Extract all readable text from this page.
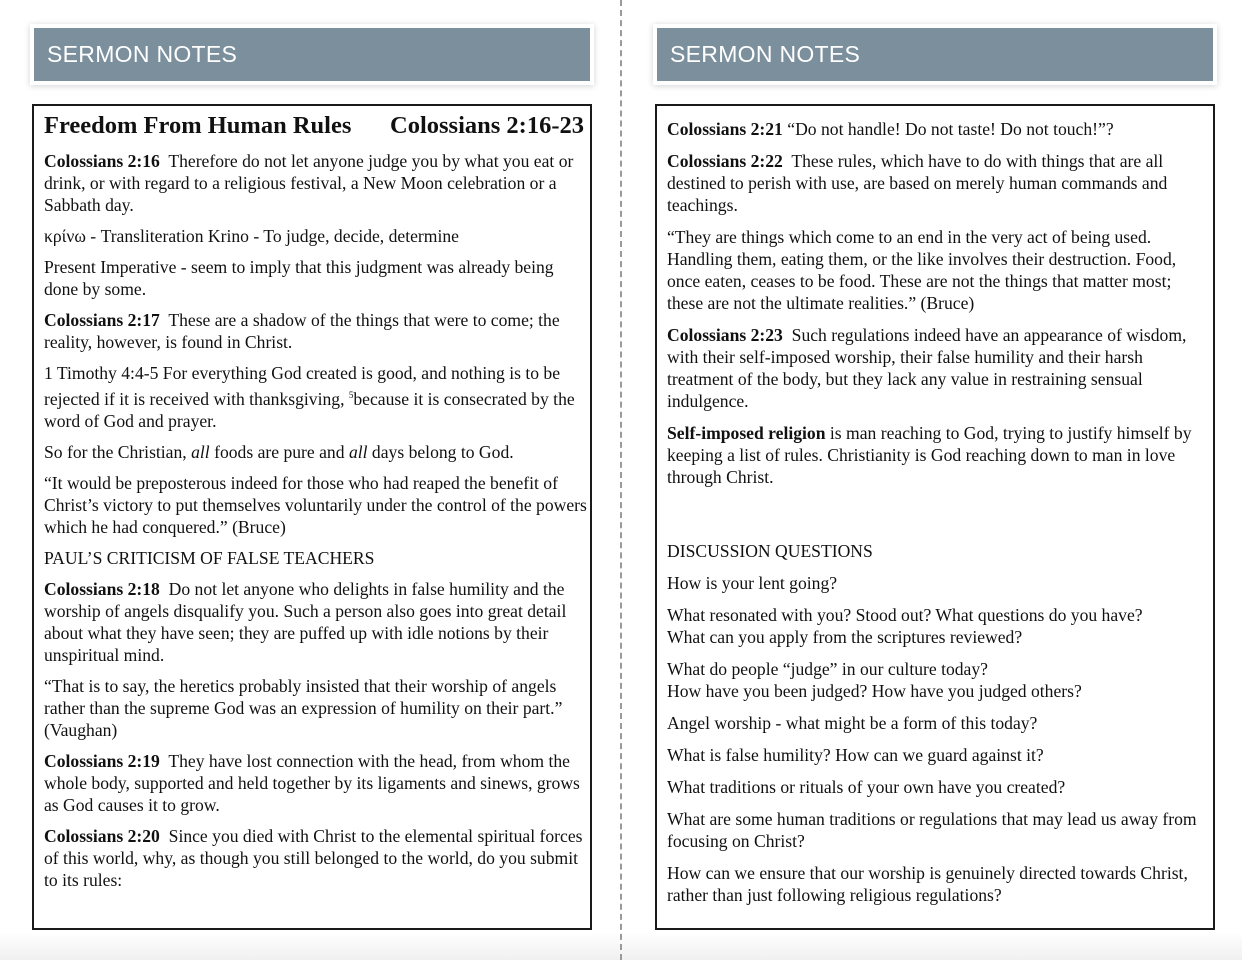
SERMON NOTES
Freedom From Human Rules Colossians 2:16-23

Colossians 2:16 Therefore do not let anyone judge you by what you eat or drink, or with regard to a religious festival, a New Moon celebration or a Sabbath day.

κρίνω - Transliteration Krino - To judge, decide, determine

Present Imperative - seem to imply that this judgment was already being done by some.

Colossians 2:17 These are a shadow of the things that were to come; the reality, however, is found in Christ.

1 Timothy 4:4-5 For everything God created is good, and nothing is to be rejected if it is received with thanksgiving, $^5$because it is consecrated by the word of God and prayer.

So for the Christian, all foods are pure and all days belong to God.

“It would be preposterous indeed for those who had reaped the benefit of Christ’s victory to put themselves voluntarily under the control of the powers which he had conquered.” (Bruce)

PAUL’S CRITICISM OF FALSE TEACHERS

Colossians 2:18 Do not let anyone who delights in false humility and the worship of angels disqualify you. Such a person also goes into great detail about what they have seen; they are puffed up with idle notions by their unspiritual mind.

“That is to say, the heretics probably insisted that their worship of angels rather than the supreme God was an expression of humility on their part.” (Vaughan)

Colossians 2:19 They have lost connection with the head, from whom the whole body, supported and held together by its ligaments and sinews, grows as God causes it to grow.

Colossians 2:20 Since you died with Christ to the elemental spiritual forces of this world, why, as though you still belonged to the world, do you submit to its rules:

SERMON NOTES

Colossians 2:21 “Do not handle! Do not taste! Do not touch!”?

Colossians 2:22 These rules, which have to do with things that are all destined to perish with use, are based on merely human commands and teachings.

“They are things which come to an end in the very act of being used. Handling them, eating them, or the like involves their destruction. Food, once eaten, ceases to be food. These are not the things that matter most; these are not the ultimate realities.” (Bruce)

Colossians 2:23 Such regulations indeed have an appearance of wisdom, with their self-imposed worship, their false humility and their harsh treatment of the body, but they lack any value in restraining sensual indulgence.

Self-imposed religion is man reaching to God, trying to justify himself by keeping a list of rules. Christianity is God reaching down to man in love through Christ.

DISCUSSION QUESTIONS

How is your lent going?

What resonated with you? Stood out? What questions do you have?
What can you apply from the scriptures reviewed?

What do people “judge” in our culture today?
How have you been judged? How have you judged others?

Angel worship - what might be a form of this today?

What is false humility? How can we guard against it?

What traditions or rituals of your own have you created?

What are some human traditions or regulations that may lead us away from focusing on Christ?

How can we ensure that our worship is genuinely directed towards Christ, rather than just following religious regulations?
